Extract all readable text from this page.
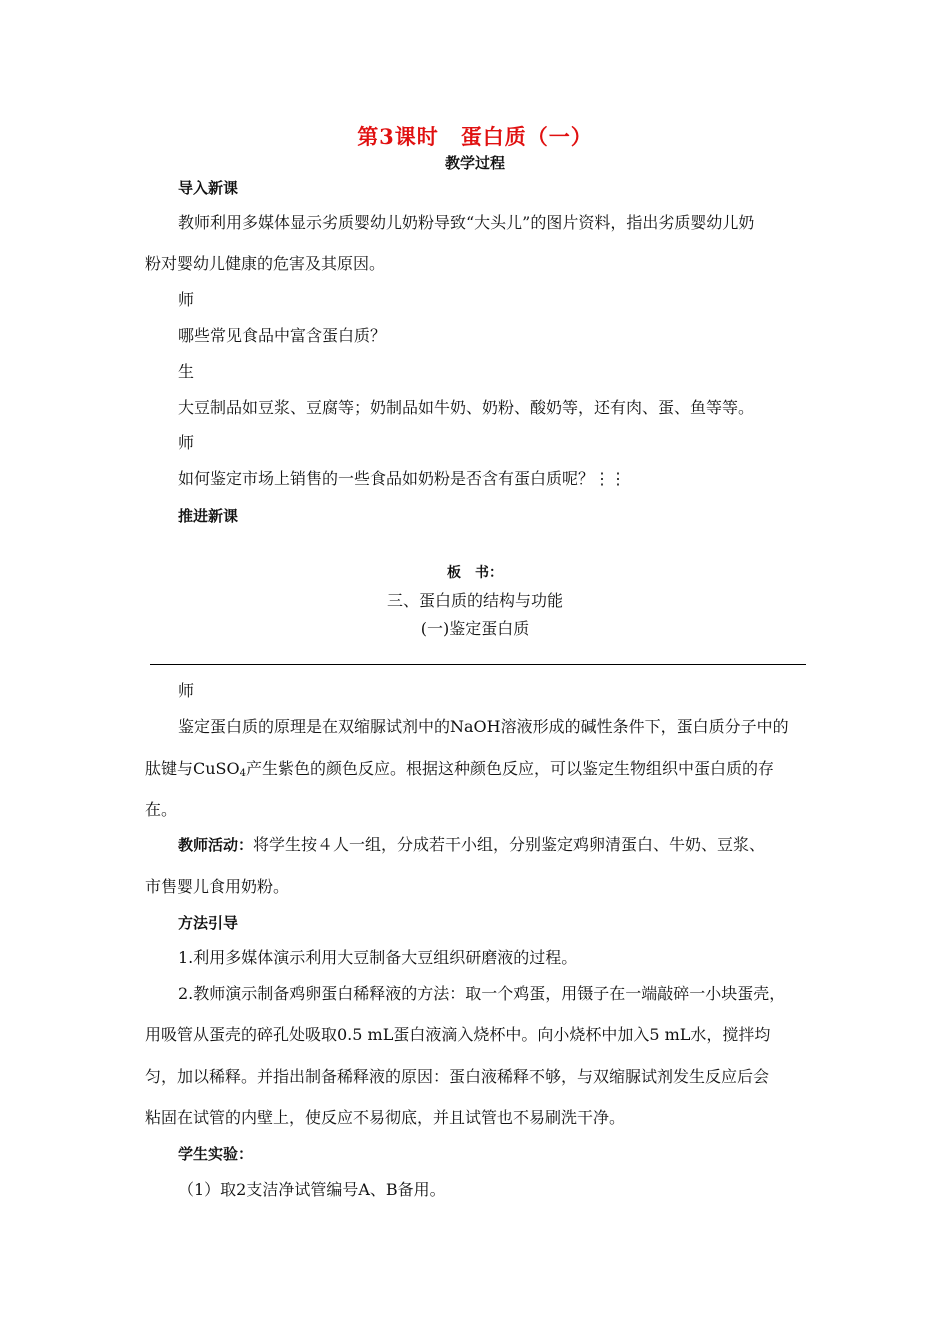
第3课时　蛋白质（一）
教学过程
导入新课
教师利用多媒体显示劣质婴幼儿奶粉导致“大头儿”的图片资料，指出劣质婴幼儿奶
粉对婴幼儿健康的危害及其原因。
师
哪些常见食品中富含蛋白质？
生
大豆制品如豆浆、豆腐等；奶制品如牛奶、奶粉、酸奶等，还有肉、蛋、鱼等等。
师
如何鉴定市场上销售的一些食品如奶粉是否含有蛋白质呢？⋮⋮
推进新课
板　书：
三、蛋白质的结构与功能
(一)鉴定蛋白质
师
鉴定蛋白质的原理是在双缩脲试剂中的NaOH溶液形成的碱性条件下，蛋白质分子中的
肽键与CuSO$_4$产生紫色的颜色反应。根据这种颜色反应，可以鉴定生物组织中蛋白质的存
在。
教师活动：将学生按４人一组，分成若干小组，分别鉴定鸡卵清蛋白、牛奶、豆浆、
市售婴儿食用奶粉。
方法引导
1.利用多媒体演示利用大豆制备大豆组织研磨液的过程。
2.教师演示制备鸡卵蛋白稀释液的方法：取一个鸡蛋，用镊子在一端敲碎一小块蛋壳，
用吸管从蛋壳的碎孔处吸取0.5 mL蛋白液滴入烧杯中。向小烧杯中加入5 mL水，搅拌均
匀，加以稀释。并指出制备稀释液的原因：蛋白液稀释不够，与双缩脲试剂发生反应后会
粘固在试管的内壁上，使反应不易彻底，并且试管也不易刷洗干净。
学生实验：
（1）取2支洁净试管编号A、B备用。
